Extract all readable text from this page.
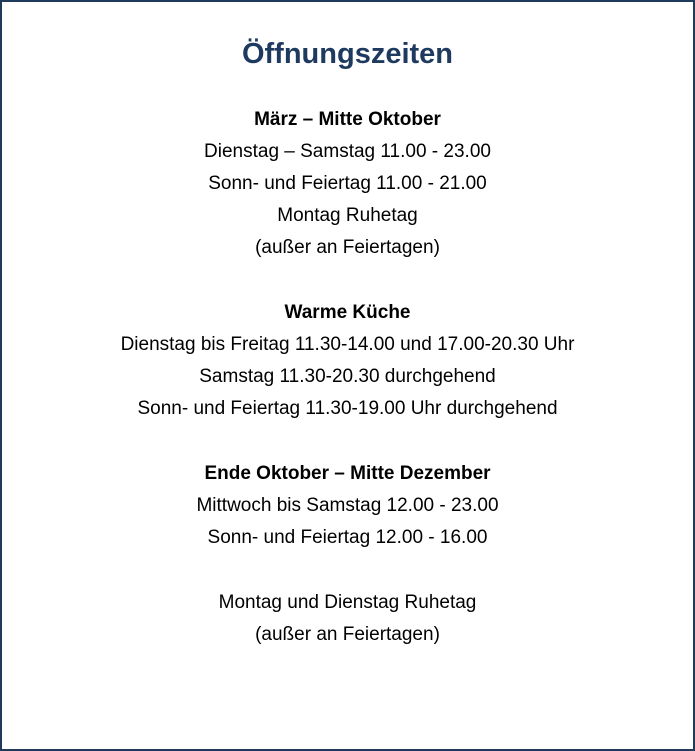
Öffnungszeiten
März – Mitte Oktober
Dienstag – Samstag 11.00 - 23.00
Sonn- und Feiertag 11.00 - 21.00
Montag Ruhetag
(außer an Feiertagen)
Warme Küche
Dienstag bis Freitag 11.30-14.00 und 17.00-20.30 Uhr
Samstag 11.30-20.30 durchgehend
Sonn- und Feiertag 11.30-19.00 Uhr durchgehend
Ende Oktober – Mitte Dezember
Mittwoch bis Samstag 12.00 - 23.00
Sonn- und Feiertag 12.00 - 16.00
Montag und Dienstag Ruhetag
(außer an Feiertagen)
